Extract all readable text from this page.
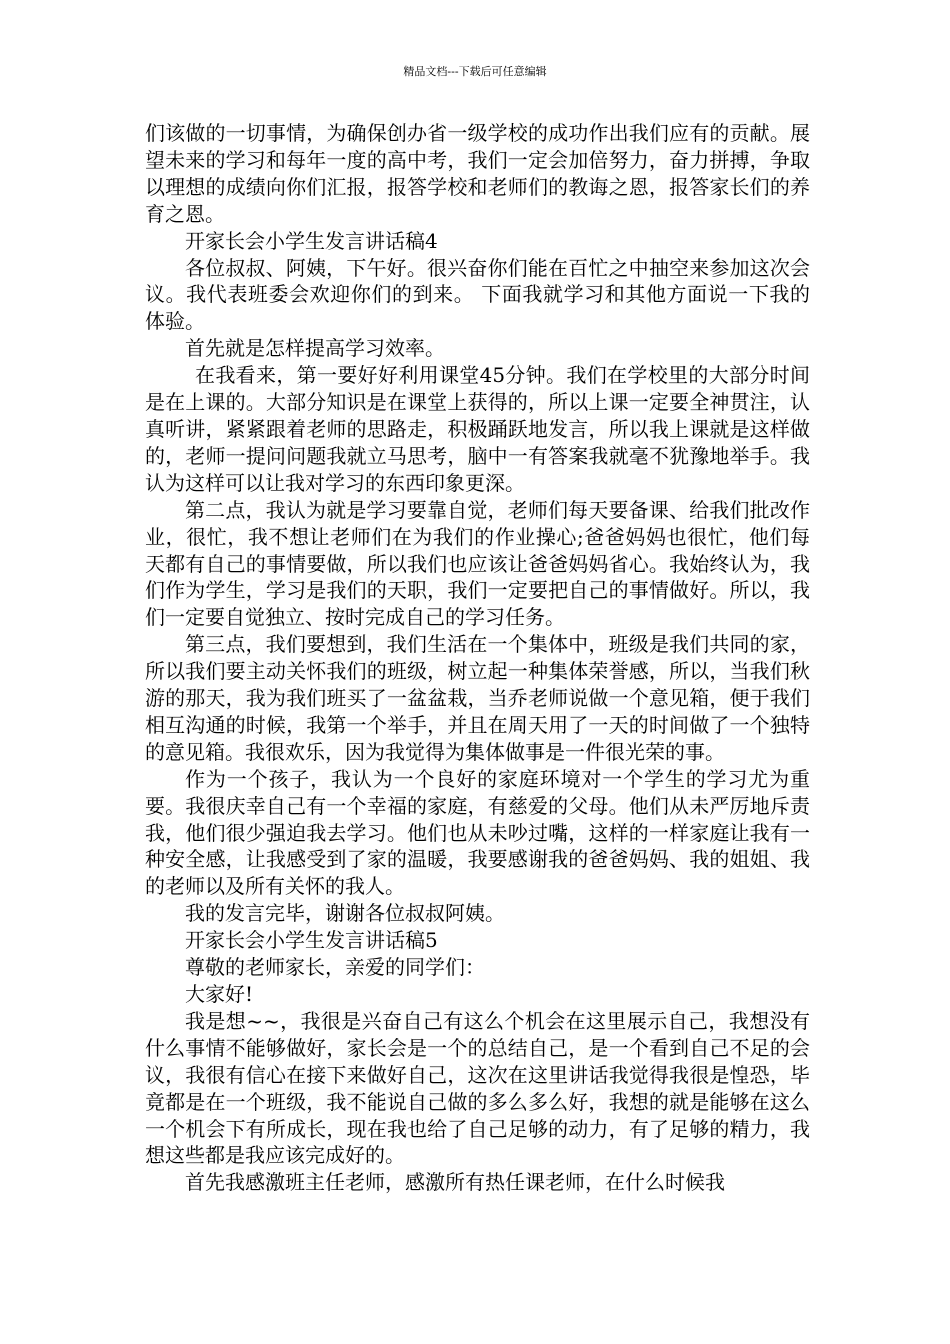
精品文档---下载后可任意编辑

们该做的一切事情，为确保创办省一级学校的成功作出我们应有的贡献。展望未来的学习和每年一度的高中考，我们一定会加倍努力，奋力拼搏，争取以理想的成绩向你们汇报，报答学校和老师们的教诲之恩，报答家长们的养育之恩。

开家长会小学生发言讲话稿4

各位叔叔、阿姨，下午好。很兴奋你们能在百忙之中抽空来参加这次会议。我代表班委会欢迎你们的到来。 下面我就学习和其他方面说一下我的体验。

首先就是怎样提高学习效率。

在我看来，第一要好好利用课堂45分钟。我们在学校里的大部分时间是在上课的。大部分知识是在课堂上获得的，所以上课一定要全神贯注，认真听讲，紧紧跟着老师的思路走，积极踊跃地发言，所以我上课就是这样做的，老师一提问问题我就立马思考，脑中一有答案我就毫不犹豫地举手。我认为这样可以让我对学习的东西印象更深。

第二点，我认为就是学习要靠自觉，老师们每天要备课、给我们批改作业，很忙，我不想让老师们在为我们的作业操心;爸爸妈妈也很忙，他们每天都有自己的事情要做，所以我们也应该让爸爸妈妈省心。我始终认为，我们作为学生，学习是我们的天职，我们一定要把自己的事情做好。所以，我们一定要自觉独立、按时完成自己的学习任务。

第三点，我们要想到，我们生活在一个集体中，班级是我们共同的家，所以我们要主动关怀我们的班级，树立起一种集体荣誉感，所以，当我们秋游的那天，我为我们班买了一盆盆栽，当乔老师说做一个意见箱，便于我们相互沟通的时候，我第一个举手，并且在周天用了一天的时间做了一个独特的意见箱。我很欢乐，因为我觉得为集体做事是一件很光荣的事。

作为一个孩子，我认为一个良好的家庭环境对一个学生的学习尤为重要。我很庆幸自己有一个幸福的家庭，有慈爱的父母。他们从未严厉地斥责我，他们很少强迫我去学习。他们也从未吵过嘴，这样的一样家庭让我有一种安全感，让我感受到了家的温暖，我要感谢我的爸爸妈妈、我的姐姐、我的老师以及所有关怀的我人。

我的发言完毕，谢谢各位叔叔阿姨。

开家长会小学生发言讲话稿5

尊敬的老师家长，亲爱的同学们：

大家好!

我是想~~，我很是兴奋自己有这么个机会在这里展示自己，我想没有什么事情不能够做好，家长会是一个的总结自己，是一个看到自己不足的会议，我很有信心在接下来做好自己，这次在这里讲话我觉得我很是惶恐，毕竟都是在一个班级，我不能说自己做的多么多么好，我想的就是能够在这么一个机会下有所成长，现在我也给了自己足够的动力，有了足够的精力，我想这些都是我应该完成好的。

首先我感激班主任老师，感激所有热任课老师，在什么时候我
